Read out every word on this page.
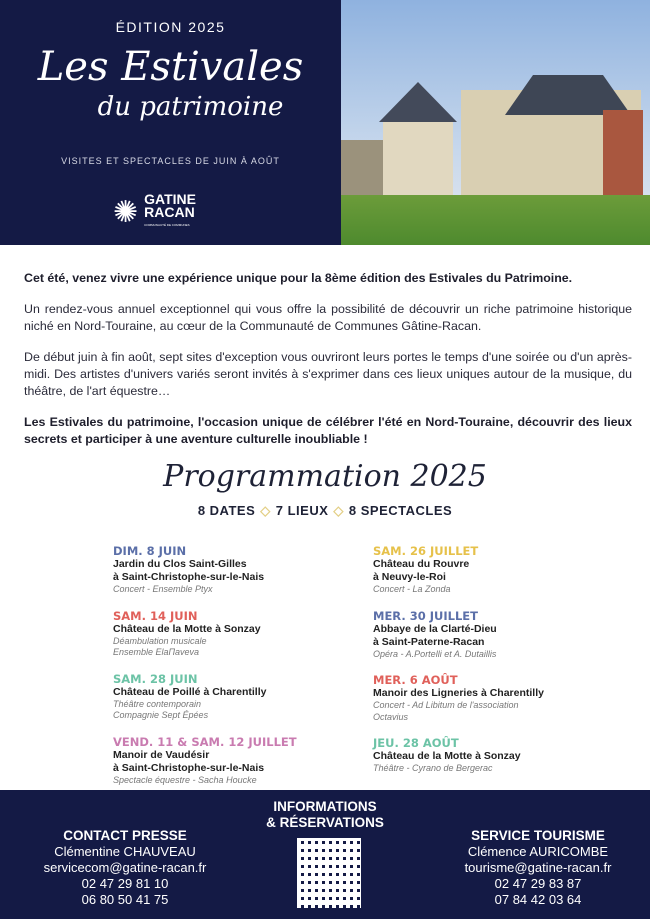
ÉDITION 2025
Les Estivales
du patrimoine
VISITES ET SPECTACLES DE JUIN À AOÛT
✺ GATINE
RACAN
COMMUNAUTÉ DE COMMUNES

Cet été, venez vivre une expérience unique pour la 8ème édition des Estivales du Patrimoine.

Un rendez-vous annuel exceptionnel qui vous offre la possibilité de découvrir un riche patrimoine historique niché en Nord-Touraine, au cœur de la Communauté de Communes Gâtine-Racan.

De début juin à fin août, sept sites d'exception vous ouvriront leurs portes le temps d'une soirée ou d'un après-midi. Des artistes d'univers variés seront invités à s'exprimer dans ces lieux uniques autour de la musique, du théâtre, de l'art équestre…

Les Estivales du patrimoine, l'occasion unique de célébrer l'été en Nord-Touraine, découvrir des lieux secrets et participer à une aventure culturelle inoubliable !

Programmation 2025
8 DATES ◇ 7 LIEUX ◇ 8 SPECTACLES
DIM. 8 JUIN
Jardin du Clos Saint-Gilles
à Saint-Christophe-sur-le-Nais
Concert - Ensemble Ptyx
SAM. 14 JUIN
Château de la Motte à Sonzay
Déambulation musicale
Ensemble ElaΠaveva
SAM. 28 JUIN
Château de Poillé à Charentilly
Théâtre contemporain
Compagnie Sept Épées
VEND. 11 & SAM. 12 JUILLET
Manoir de Vaudésir
à Saint-Christophe-sur-le-Nais
Spectacle équestre - Sacha Houcke
SAM. 26 JUILLET
Château du Rouvre
à Neuvy-le-Roi
Concert - La Zonda
MER. 30 JUILLET
Abbaye de la Clarté-Dieu
à Saint-Paterne-Racan
Opéra - A.Portelli et A. Dutaillis
MER. 6 AOÛT
Manoir des Ligneries à Charentilly
Concert - Ad Libitum de l'association
Octavius
JEU. 28 AOÛT
Château de la Motte à Sonzay
Théâtre - Cyrano de Bergerac
INFORMATIONS
& RÉSERVATIONS
CONTACT PRESSE
Clémentine CHAUVEAU
servicecom@gatine-racan.fr
02 47 29 81 10
06 80 50 41 75
SERVICE TOURISME
Clémence AURICOMBE
tourisme@gatine-racan.fr
02 47 29 83 87
07 84 42 03 64
